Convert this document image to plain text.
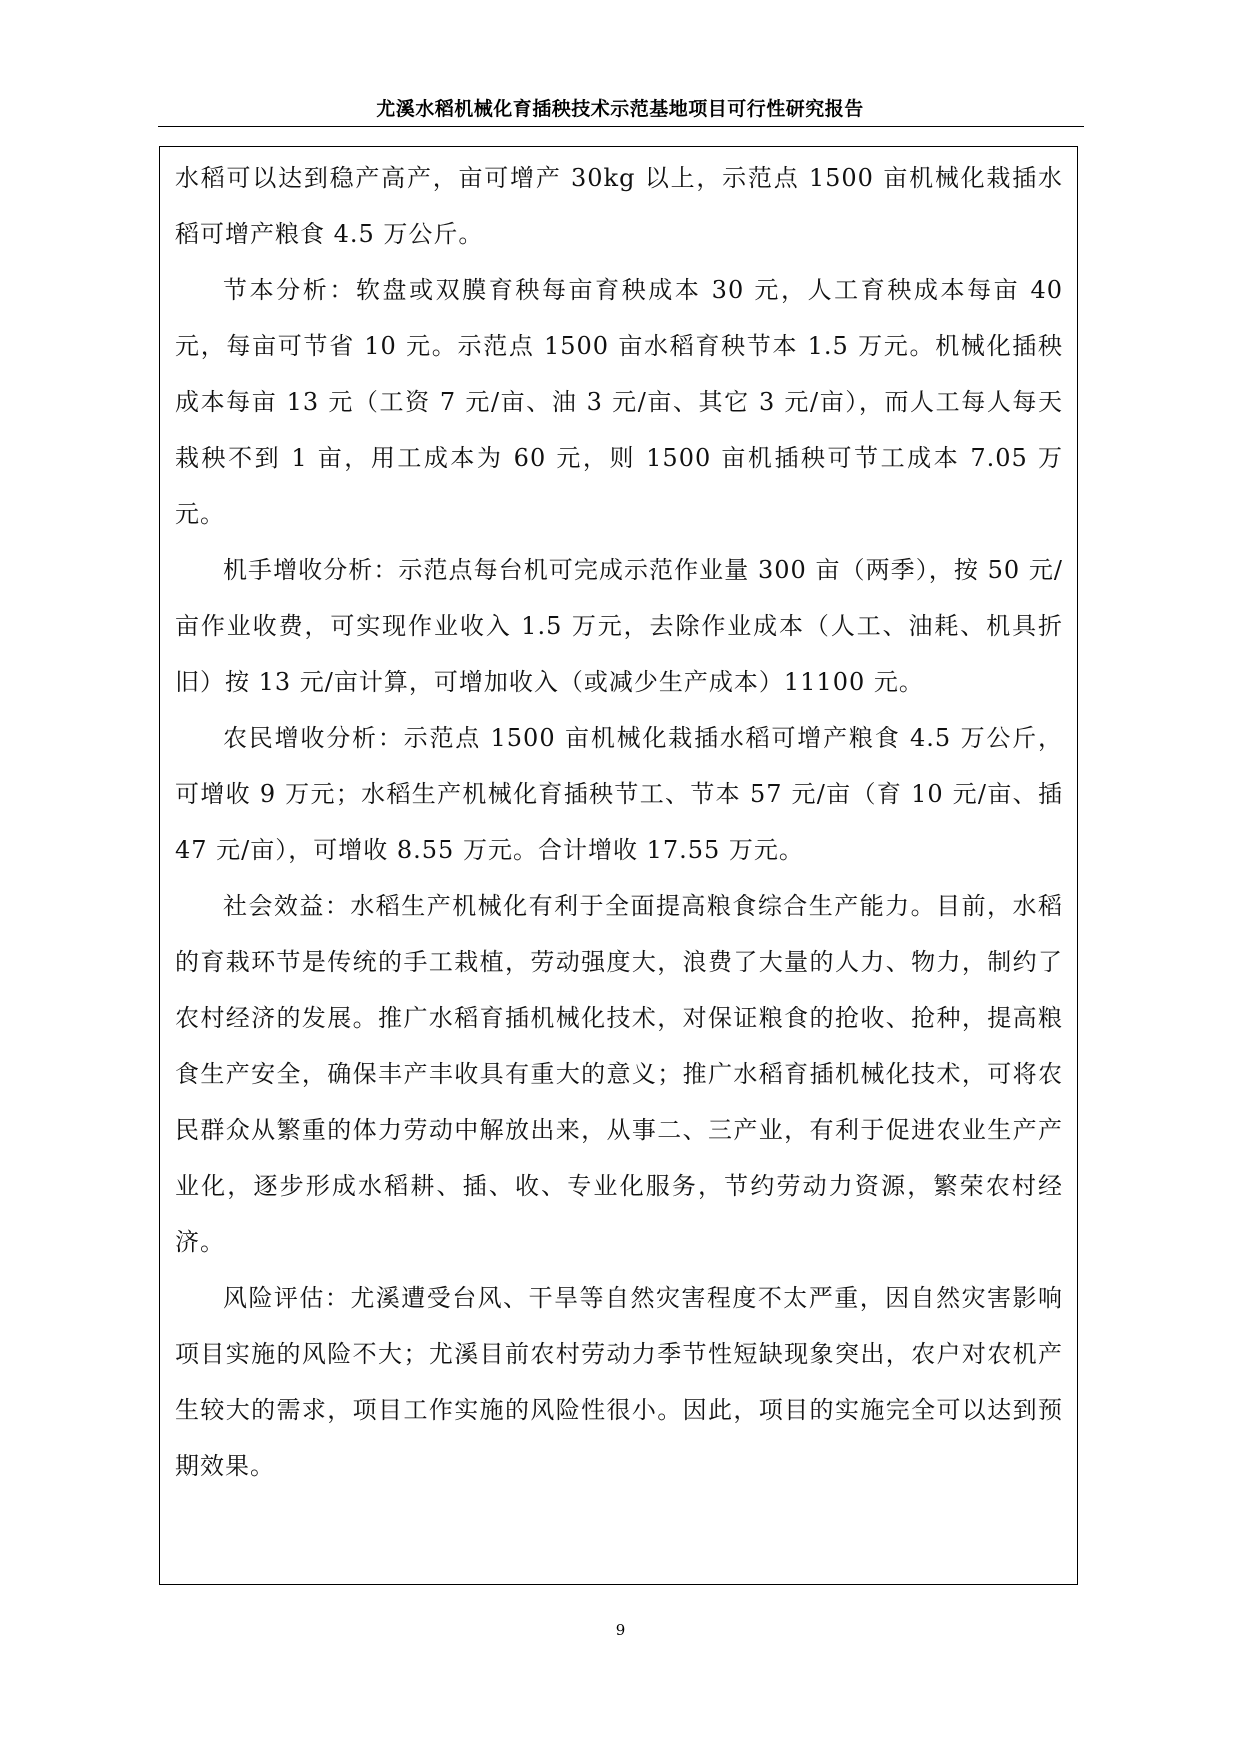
尤溪水稻机械化育插秧技术示范基地项目可行性研究报告

水稻可以达到稳产高产，亩可增产 30kg 以上，示范点 1500 亩机械化栽插水稻可增产粮食 4.5 万公斤。

节本分析：软盘或双膜育秧每亩育秧成本 30 元，人工育秧成本每亩 40 元，每亩可节省 10 元。示范点 1500 亩水稻育秧节本 1.5 万元。机械化插秧成本每亩 13 元（工资 7 元/亩、油 3 元/亩、其它 3 元/亩），而人工每人每天栽秧不到 1 亩，用工成本为 60 元，则 1500 亩机插秧可节工成本 7.05 万元。

机手增收分析：示范点每台机可完成示范作业量 300 亩（两季），按 50 元/亩作业收费，可实现作业收入 1.5 万元，去除作业成本（人工、油耗、机具折旧）按 13 元/亩计算，可增加收入（或减少生产成本）11100 元。

农民增收分析：示范点 1500 亩机械化栽插水稻可增产粮食 4.5 万公斤，可增收 9 万元；水稻生产机械化育插秧节工、节本 57 元/亩（育 10 元/亩、插 47 元/亩），可增收 8.55 万元。合计增收 17.55 万元。

社会效益：水稻生产机械化有利于全面提高粮食综合生产能力。目前，水稻的育栽环节是传统的手工栽植，劳动强度大，浪费了大量的人力、物力，制约了农村经济的发展。推广水稻育插机械化技术，对保证粮食的抢收、抢种，提高粮食生产安全，确保丰产丰收具有重大的意义；推广水稻育插机械化技术，可将农民群众从繁重的体力劳动中解放出来，从事二、三产业，有利于促进农业生产产业化，逐步形成水稻耕、插、收、专业化服务，节约劳动力资源，繁荣农村经济。

风险评估：尤溪遭受台风、干旱等自然灾害程度不太严重，因自然灾害影响项目实施的风险不大；尤溪目前农村劳动力季节性短缺现象突出，农户对农机产生较大的需求，项目工作实施的风险性很小。因此，项目的实施完全可以达到预期效果。

9
